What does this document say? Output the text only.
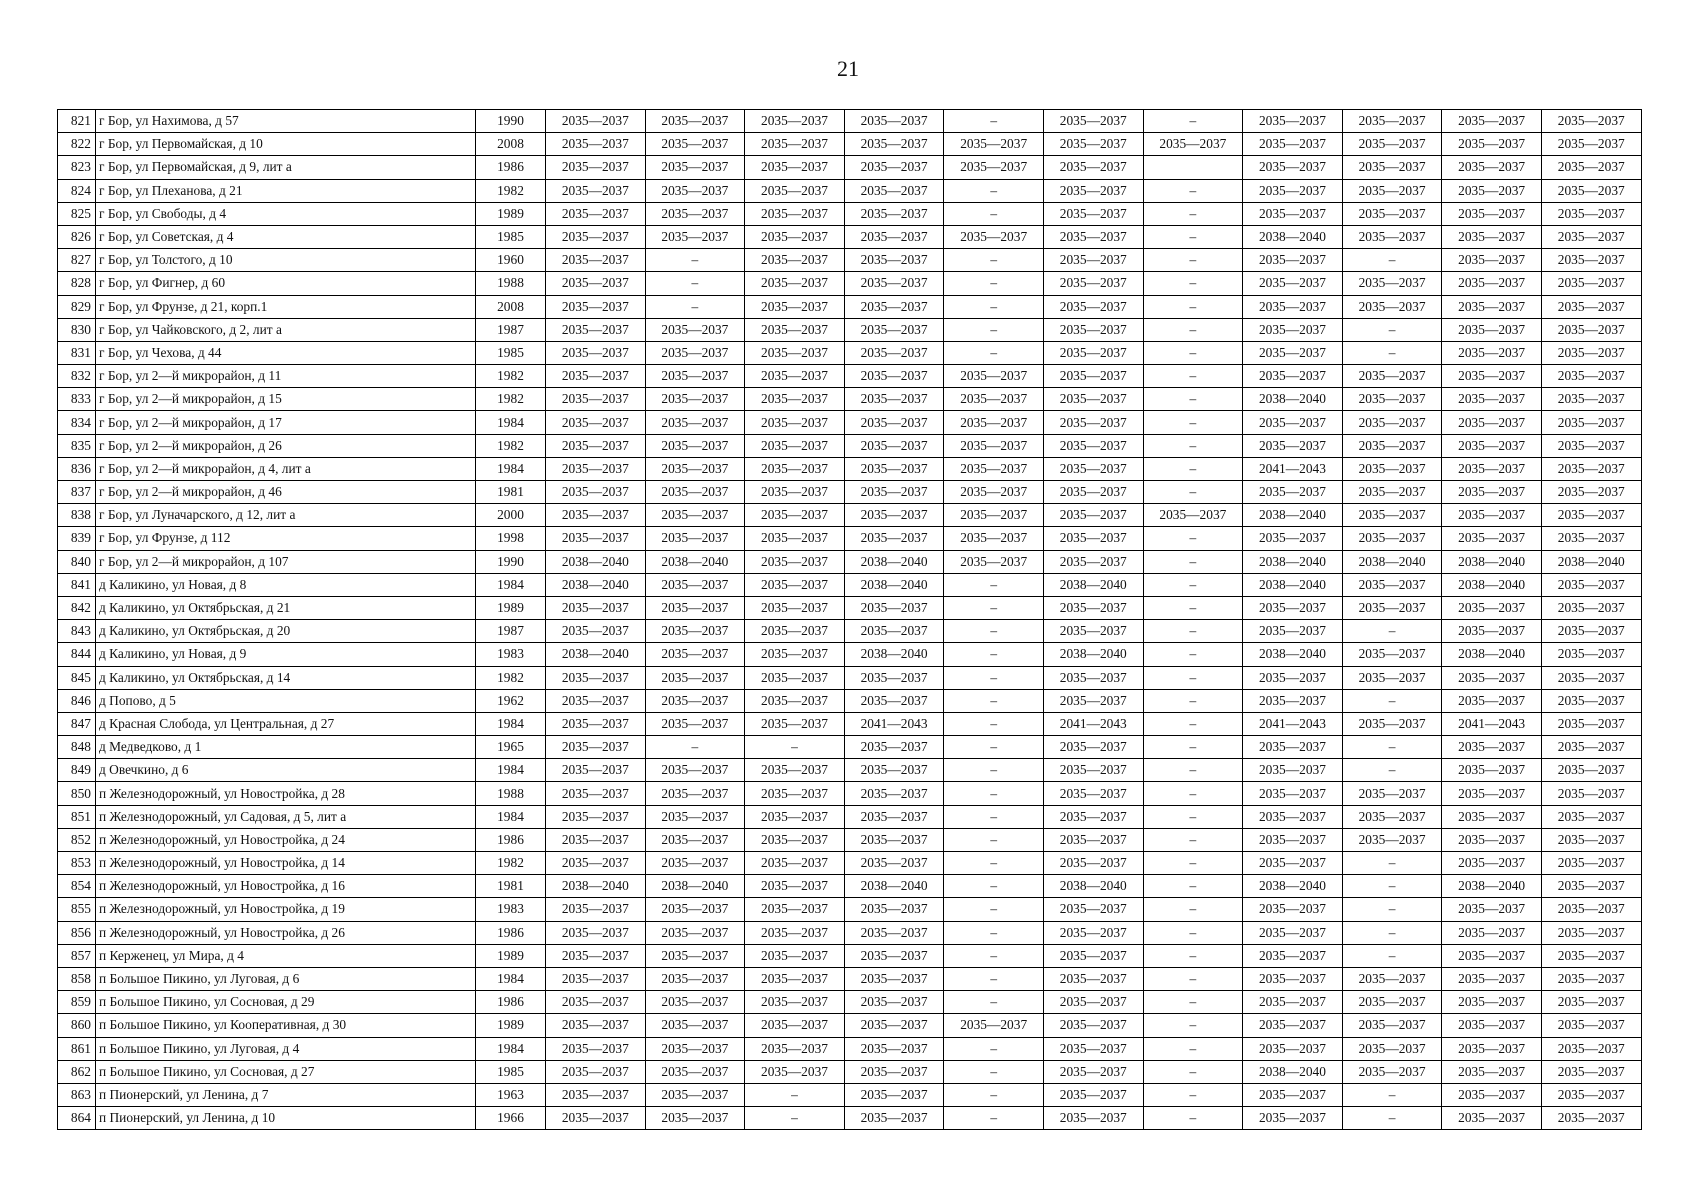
21
821	г Бор, ул Нахимова, д 57	1990	2035—2037	2035—2037	2035—2037	2035—2037	–	2035—2037	–	2035—2037	2035—2037	2035—2037	2035—2037
822	г Бор, ул Первомайская, д 10	2008	2035—2037	2035—2037	2035—2037	2035—2037	2035—2037	2035—2037	2035—2037	2035—2037	2035—2037	2035—2037	2035—2037
823	г Бор, ул Первомайская, д 9, лит а	1986	2035—2037	2035—2037	2035—2037	2035—2037	2035—2037	2035—2037		2035—2037	2035—2037	2035—2037	2035—2037
824	г Бор, ул Плеханова, д 21	1982	2035—2037	2035—2037	2035—2037	2035—2037	–	2035—2037	–	2035—2037	2035—2037	2035—2037	2035—2037
825	г Бор, ул Свободы, д 4	1989	2035—2037	2035—2037	2035—2037	2035—2037	–	2035—2037	–	2035—2037	2035—2037	2035—2037	2035—2037
826	г Бор, ул Советская, д 4	1985	2035—2037	2035—2037	2035—2037	2035—2037	2035—2037	2035—2037	–	2038—2040	2035—2037	2035—2037	2035—2037
827	г Бор, ул Толстого, д 10	1960	2035—2037	–	2035—2037	2035—2037	–	2035—2037	–	2035—2037	–	2035—2037	2035—2037
828	г Бор, ул Фигнер, д 60	1988	2035—2037	–	2035—2037	2035—2037	–	2035—2037	–	2035—2037	2035—2037	2035—2037	2035—2037
829	г Бор, ул Фрунзе, д 21, корп.1	2008	2035—2037	–	2035—2037	2035—2037	–	2035—2037	–	2035—2037	2035—2037	2035—2037	2035—2037
830	г Бор, ул Чайковского, д 2, лит а	1987	2035—2037	2035—2037	2035—2037	2035—2037	–	2035—2037	–	2035—2037	–	2035—2037	2035—2037
831	г Бор, ул Чехова, д 44	1985	2035—2037	2035—2037	2035—2037	2035—2037	–	2035—2037	–	2035—2037	–	2035—2037	2035—2037
832	г Бор, ул 2—й микрорайон, д 11	1982	2035—2037	2035—2037	2035—2037	2035—2037	2035—2037	2035—2037	–	2035—2037	2035—2037	2035—2037	2035—2037
833	г Бор, ул 2—й микрорайон, д 15	1982	2035—2037	2035—2037	2035—2037	2035—2037	2035—2037	2035—2037	–	2038—2040	2035—2037	2035—2037	2035—2037
834	г Бор, ул 2—й микрорайон, д 17	1984	2035—2037	2035—2037	2035—2037	2035—2037	2035—2037	2035—2037	–	2035—2037	2035—2037	2035—2037	2035—2037
835	г Бор, ул 2—й микрорайон, д 26	1982	2035—2037	2035—2037	2035—2037	2035—2037	2035—2037	2035—2037	–	2035—2037	2035—2037	2035—2037	2035—2037
836	г Бор, ул 2—й микрорайон, д 4, лит а	1984	2035—2037	2035—2037	2035—2037	2035—2037	2035—2037	2035—2037	–	2041—2043	2035—2037	2035—2037	2035—2037
837	г Бор, ул 2—й микрорайон, д 46	1981	2035—2037	2035—2037	2035—2037	2035—2037	2035—2037	2035—2037	–	2035—2037	2035—2037	2035—2037	2035—2037
838	г Бор, ул Луначарского, д 12, лит а	2000	2035—2037	2035—2037	2035—2037	2035—2037	2035—2037	2035—2037	2035—2037	2038—2040	2035—2037	2035—2037	2035—2037
839	г Бор, ул Фрунзе, д 112	1998	2035—2037	2035—2037	2035—2037	2035—2037	2035—2037	2035—2037	–	2035—2037	2035—2037	2035—2037	2035—2037
840	г Бор, ул 2—й микрорайон, д 107	1990	2038—2040	2038—2040	2035—2037	2038—2040	2035—2037	2035—2037	–	2038—2040	2038—2040	2038—2040	2038—2040
841	д Каликино, ул Новая, д 8	1984	2038—2040	2035—2037	2035—2037	2038—2040	–	2038—2040	–	2038—2040	2035—2037	2038—2040	2035—2037
842	д Каликино, ул Октябрьская, д 21	1989	2035—2037	2035—2037	2035—2037	2035—2037	–	2035—2037	–	2035—2037	2035—2037	2035—2037	2035—2037
843	д Каликино, ул Октябрьская, д 20	1987	2035—2037	2035—2037	2035—2037	2035—2037	–	2035—2037	–	2035—2037	–	2035—2037	2035—2037
844	д Каликино, ул Новая, д 9	1983	2038—2040	2035—2037	2035—2037	2038—2040	–	2038—2040	–	2038—2040	2035—2037	2038—2040	2035—2037
845	д Каликино, ул Октябрьская, д 14	1982	2035—2037	2035—2037	2035—2037	2035—2037	–	2035—2037	–	2035—2037	2035—2037	2035—2037	2035—2037
846	д Попово, д 5	1962	2035—2037	2035—2037	2035—2037	2035—2037	–	2035—2037	–	2035—2037	–	2035—2037	2035—2037
847	д Красная Слобода, ул Центральная, д 27	1984	2035—2037	2035—2037	2035—2037	2041—2043	–	2041—2043	–	2041—2043	2035—2037	2041—2043	2035—2037
848	д Медведково, д 1	1965	2035—2037	–	–	2035—2037	–	2035—2037	–	2035—2037	–	2035—2037	2035—2037
849	д Овечкино, д 6	1984	2035—2037	2035—2037	2035—2037	2035—2037	–	2035—2037	–	2035—2037	–	2035—2037	2035—2037
850	п Железнодорожный, ул Новостройка, д 28	1988	2035—2037	2035—2037	2035—2037	2035—2037	–	2035—2037	–	2035—2037	2035—2037	2035—2037	2035—2037
851	п Железнодорожный, ул Садовая, д 5, лит а	1984	2035—2037	2035—2037	2035—2037	2035—2037	–	2035—2037	–	2035—2037	2035—2037	2035—2037	2035—2037
852	п Железнодорожный, ул Новостройка, д 24	1986	2035—2037	2035—2037	2035—2037	2035—2037	–	2035—2037	–	2035—2037	2035—2037	2035—2037	2035—2037
853	п Железнодорожный, ул Новостройка, д 14	1982	2035—2037	2035—2037	2035—2037	2035—2037	–	2035—2037	–	2035—2037	–	2035—2037	2035—2037
854	п Железнодорожный, ул Новостройка, д 16	1981	2038—2040	2038—2040	2035—2037	2038—2040	–	2038—2040	–	2038—2040	–	2038—2040	2035—2037
855	п Железнодорожный, ул Новостройка, д 19	1983	2035—2037	2035—2037	2035—2037	2035—2037	–	2035—2037	–	2035—2037	–	2035—2037	2035—2037
856	п Железнодорожный, ул Новостройка, д 26	1986	2035—2037	2035—2037	2035—2037	2035—2037	–	2035—2037	–	2035—2037	–	2035—2037	2035—2037
857	п Керженец, ул Мира, д 4	1989	2035—2037	2035—2037	2035—2037	2035—2037	–	2035—2037	–	2035—2037	–	2035—2037	2035—2037
858	п Большое Пикино, ул Луговая, д 6	1984	2035—2037	2035—2037	2035—2037	2035—2037	–	2035—2037	–	2035—2037	2035—2037	2035—2037	2035—2037
859	п Большое Пикино, ул Сосновая, д 29	1986	2035—2037	2035—2037	2035—2037	2035—2037	–	2035—2037	–	2035—2037	2035—2037	2035—2037	2035—2037
860	п Большое Пикино, ул Кооперативная, д 30	1989	2035—2037	2035—2037	2035—2037	2035—2037	2035—2037	2035—2037	–	2035—2037	2035—2037	2035—2037	2035—2037
861	п Большое Пикино, ул Луговая, д 4	1984	2035—2037	2035—2037	2035—2037	2035—2037	–	2035—2037	–	2035—2037	2035—2037	2035—2037	2035—2037
862	п Большое Пикино, ул Сосновая, д 27	1985	2035—2037	2035—2037	2035—2037	2035—2037	–	2035—2037	–	2038—2040	2035—2037	2035—2037	2035—2037
863	п Пионерский, ул Ленина, д 7	1963	2035—2037	2035—2037	–	2035—2037	–	2035—2037	–	2035—2037	–	2035—2037	2035—2037
864	п Пионерский, ул Ленина, д 10	1966	2035—2037	2035—2037	–	2035—2037	–	2035—2037	–	2035—2037	–	2035—2037	2035—2037
